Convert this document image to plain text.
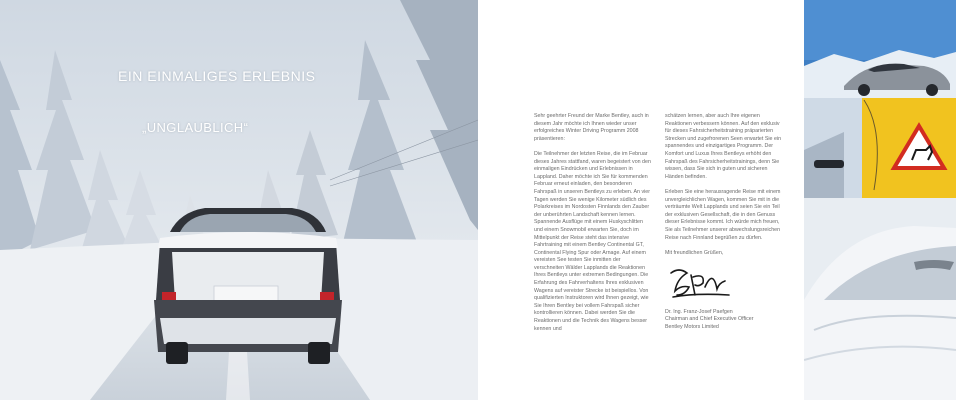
EIN EINMALIGES ERLEBNIS
„UNGLAUBLICH“

Sehr geehrter Freund der Marke Bentley, auch in diesem Jahr möchte ich Ihnen wieder unser erfolgreiches Winter Driving Programm 2008 präsentieren:

Die Teilnehmer der letzten Reise, die im Februar dieses Jahres stattfand, waren begeistert von den einmaligen Eindrücken und Erlebnissen in Lappland. Daher möchte ich Sie für kommenden Februar erneut einladen, den besonderen Fahrspaß in unseren Bentleys zu erleben. An vier Tagen werden Sie wenige Kilometer südlich des Polarkreises im Nordosten Finnlands den Zauber der unberührten Landschaft kennen lernen. Spannende Ausflüge mit einem Huskyschlitten und einem Snowmobil erwarten Sie, doch im Mittelpunkt der Reise steht das intensive Fahrtraining mit einem Bentley Continental GT, Continental Flying Spur oder Arnage. Auf einem vereisten See testen Sie inmitten der verschneiten Wälder Lapplands die Reaktionen Ihres Bentleys unter extremen Bedingungen. Die Erfahrung des Fahrverhaltens Ihres exklusiven Wagens auf vereister Strecke ist beispiellos. Von qualifizierten Instruktoren wird Ihnen gezeigt, wie Sie Ihren Bentley bei vollem Fahrspaß sicher kontrollieren können. Dabei werden Sie die Reaktionen und die Technik des Wagens besser kennen und

schätzen lernen, aber auch Ihre eigenen Reaktionen verbessern können. Auf den exklusiv für dieses Fahrsicherheitstraining präparierten Strecken und zugefrorenen Seen erwartet Sie ein spannendes und einzigartiges Programm. Der Komfort und Luxus Ihres Bentleys erhöht den Fahrspaß des Fahrsicherheitstrainings, denn Sie wissen, dass Sie sich in guten und sicheren Händen befinden.

Erleben Sie eine herausragende Reise mit einem unvergleichlichen Wagen, kommen Sie mit in die verträumte Welt Lapplands und seien Sie ein Teil der exklusiven Gesellschaft, die in den Genuss dieser Erlebnisse kommt. Ich würde mich freuen, Sie als Teilnehmer unserer abwechslungsreichen Reise nach Finnland begrüßen zu dürfen.

Mit freundlichen Grüßen,

Dr. Ing. Franz-Josef Paefgen
Chairman and Chief Executive Officer
Bentley Motors Limited
